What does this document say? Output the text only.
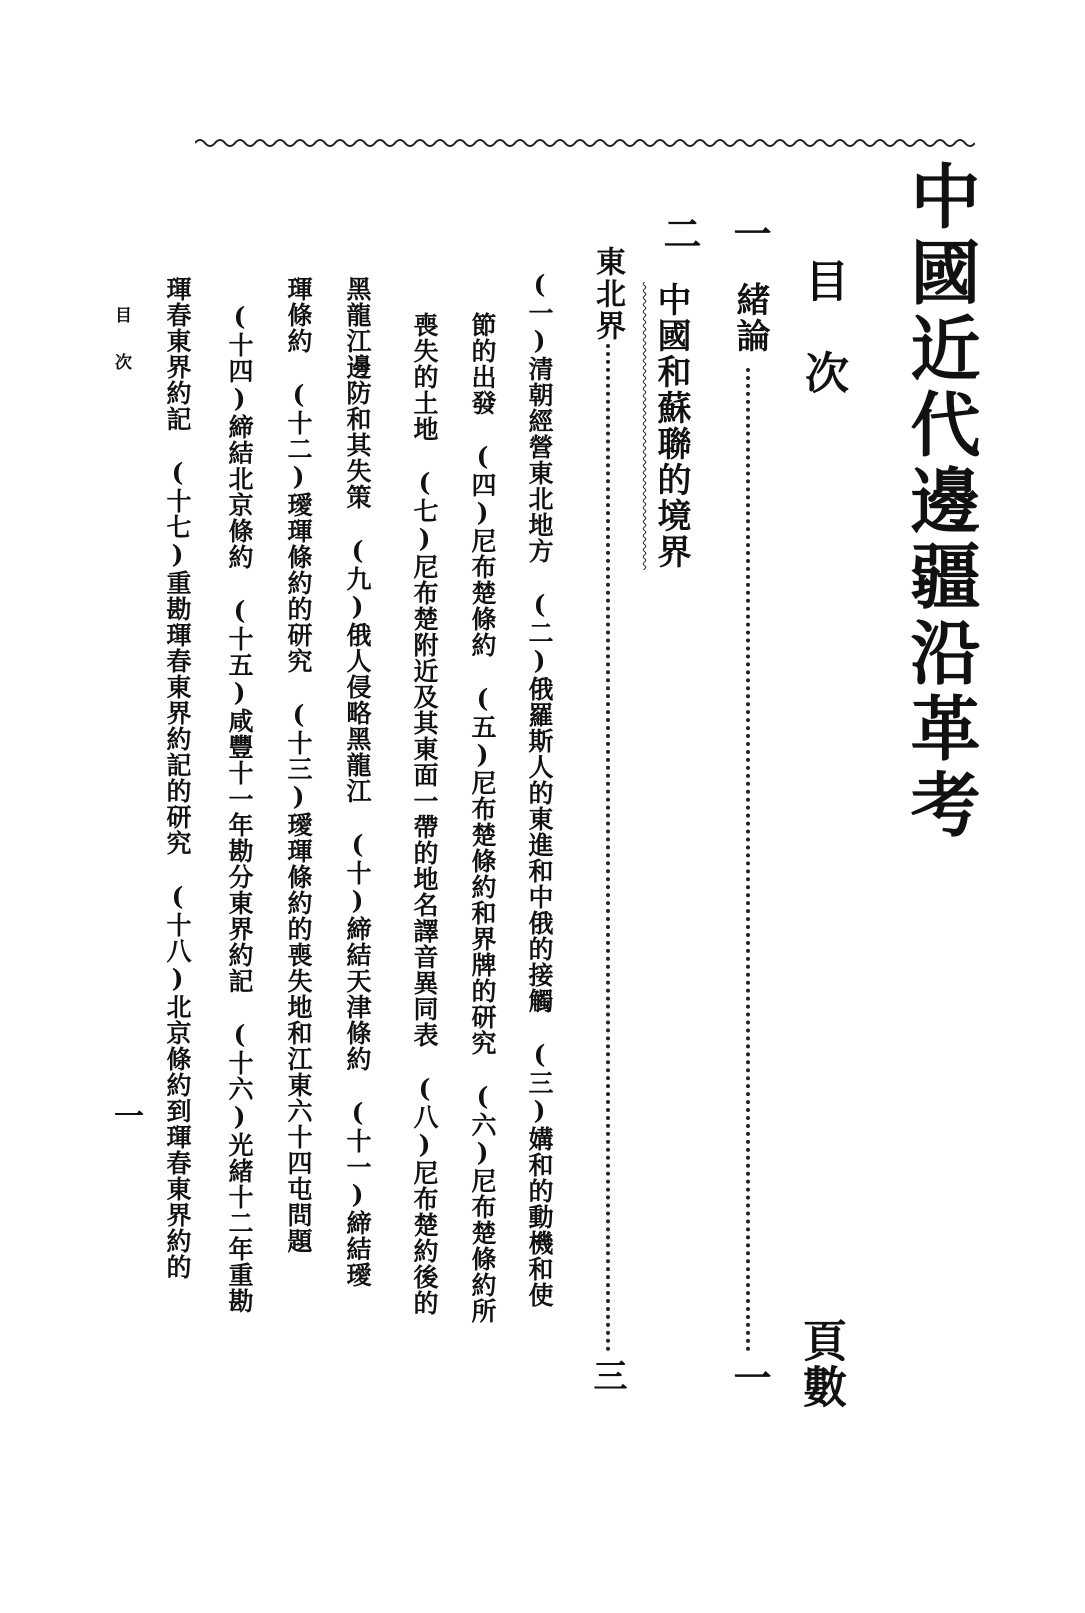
中國近代邊疆沿革考
目　次
頁數
一
緒論
一
二
中國和蘇聯的境界
東北界
三
(一)清朝經營東北地方　(二)俄羅斯人的東進和中俄的接觸　(三)媾和的動機和使
節的出發　(四)尼布楚條約　(五)尼布楚條約和界牌的研究　(六)尼布楚條約所
喪失的土地　(七)尼布楚附近及其東面一帶的地名譯音異同表　(八)尼布楚約後的
黑龍江邊防和其失策　(九)俄人侵略黑龍江　(十)締結天津條約　(十一)締結璦
琿條約　(十二)璦琿條約的研究　(十三)璦琿條約的喪失地和江東六十四屯問題
(十四)締結北京條約　(十五)咸豐十一年勘分東界約記　(十六)光緒十二年重勘
琿春東界約記　(十七)重勘琿春東界約記的研究　(十八)北京條約到琿春東界約的
目次
一
